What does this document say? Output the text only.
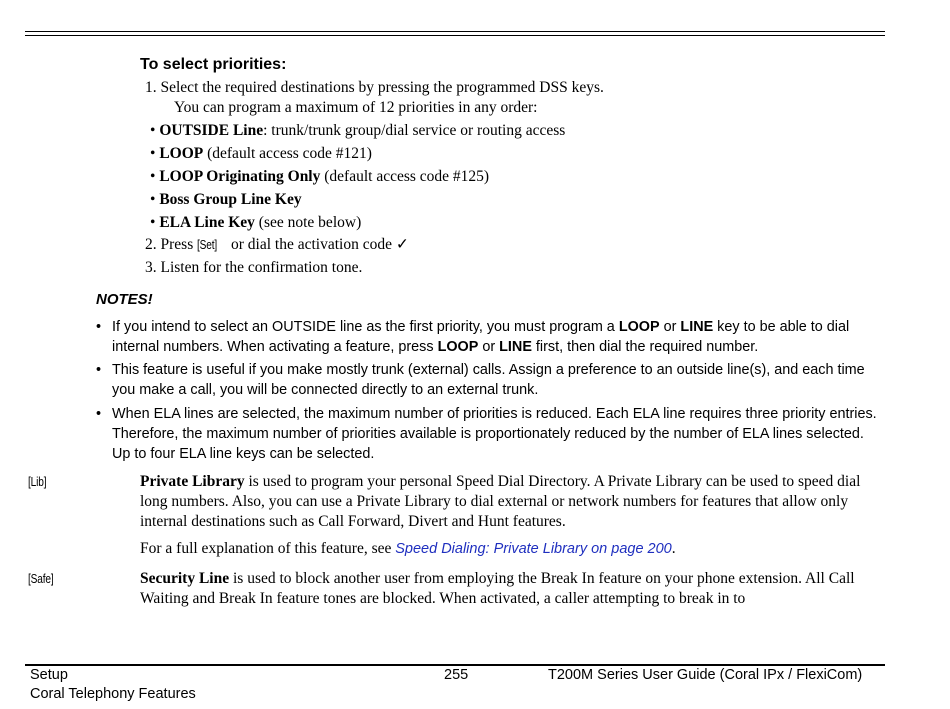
To select priorities:
1. Select the required destinations by pressing the programmed DSS keys.
You can program a maximum of 12 priorities in any order:
• OUTSIDE Line: trunk/trunk group/dial service or routing access
• LOOP (default access code #121)
• LOOP Originating Only (default access code #125)
• Boss Group Line Key
• ELA Line Key (see note below)
2. Press [Set] or dial the activation code ✓
3. Listen for the confirmation tone.
NOTES!
• If you intend to select an OUTSIDE line as the first priority, you must program a LOOP or LINE key to be able to dial internal numbers. When activating a feature, press LOOP or LINE first, then dial the required number.
• This feature is useful if you make mostly trunk (external) calls. Assign a preference to an outside line(s), and each time you make a call, you will be connected directly to an external trunk.
• When ELA lines are selected, the maximum number of priorities is reduced. Each ELA line requires three priority entries. Therefore, the maximum number of priorities available is proportionately reduced by the number of ELA lines selected. Up to four ELA line keys can be selected.
[Lib]	Private Library is used to program your personal Speed Dial Directory. A Private Library can be used to speed dial long numbers. Also, you can use a Private Library to dial external or network numbers for features that allow only internal destinations such as Call Forward, Divert and Hunt features.
For a full explanation of this feature, see Speed Dialing: Private Library on page 200.
[Safe]	Security Line is used to block another user from employing the Break In feature on your phone extension. All Call Waiting and Break In feature tones are blocked. When activated, a caller attempting to break in to
Setup
Coral Telephony Features
255	T200M Series User Guide (Coral IPx / FlexiCom)
